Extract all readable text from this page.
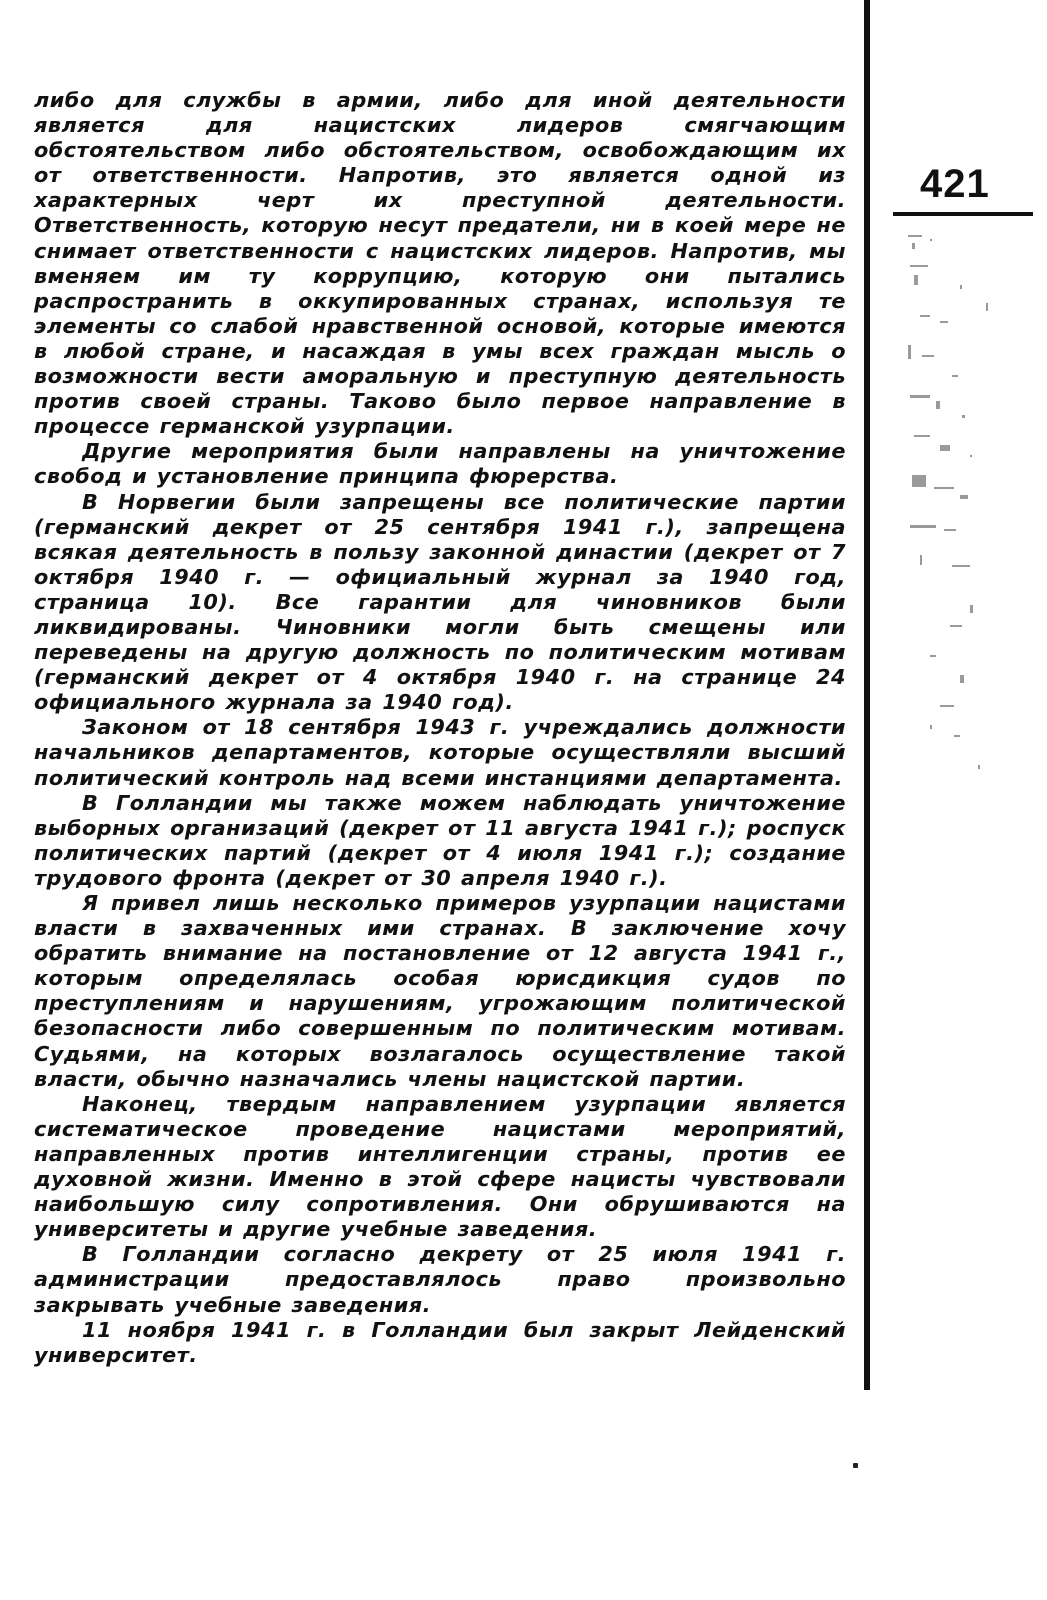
либо для службы в армии, либо для иной деятельности является для нацистских лидеров смягчающим обстоятельством либо обстоятельством, освобождающим их от ответственности. Напротив, это является одной из характерных черт их преступной деятельности. Ответственность, которую несут предатели, ни в коей мере не снимает ответственности с нацистских лидеров. Напротив, мы вменяем им ту коррупцию, которую они пытались распространить в оккупированных странах, используя те элементы со слабой нравственной основой, которые имеются в любой стране, и насаждая в умы всех граждан мысль о возможности вести аморальную и преступную деятельность против своей страны. Таково было первое направление в процессе германской узурпации.

Другие мероприятия были направлены на уничтожение свобод и установление принципа фюрерства.

В Норвегии были запрещены все политические партии (германский декрет от 25 сентября 1941 г.), запрещена всякая деятельность в пользу законной династии (декрет от 7 октября 1940 г. — официальный журнал за 1940 год, страница 10). Все гарантии для чиновников были ликвидированы. Чиновники могли быть смещены или переведены на другую должность по политическим мотивам (германский декрет от 4 октября 1940 г. на странице 24 официального журнала за 1940 год).

Законом от 18 сентября 1943 г. учреждались должности начальников департаментов, которые осуществляли высший политический контроль над всеми инстанциями департамента.

В Голландии мы также можем наблюдать уничтожение выборных организаций (декрет от 11 августа 1941 г.); роспуск политических партий (декрет от 4 июля 1941 г.); создание трудового фронта (декрет от 30 апреля 1940 г.).

Я привел лишь несколько примеров узурпации нацистами власти в захваченных ими странах. В заключение хочу обратить внимание на постановление от 12 августа 1941 г., которым определялась особая юрисдикция судов по преступлениям и нарушениям, угрожающим политической безопасности либо совершенным по политическим мотивам. Судьями, на которых возлагалось осуществление такой власти, обычно назначались члены нацистской партии.

Наконец, твердым направлением узурпации является систематическое проведение нацистами мероприятий, направленных против интеллигенции страны, против ее духовной жизни. Именно в этой сфере нацисты чувствовали наибольшую силу сопротивления. Они обрушиваются на университеты и другие учебные заведения.

В Голландии согласно декрету от 25 июля 1941 г. администрации предоставлялось право произвольно закрывать учебные заведения.

11 ноября 1941 г. в Голландии был закрыт Лейденский университет.

421
